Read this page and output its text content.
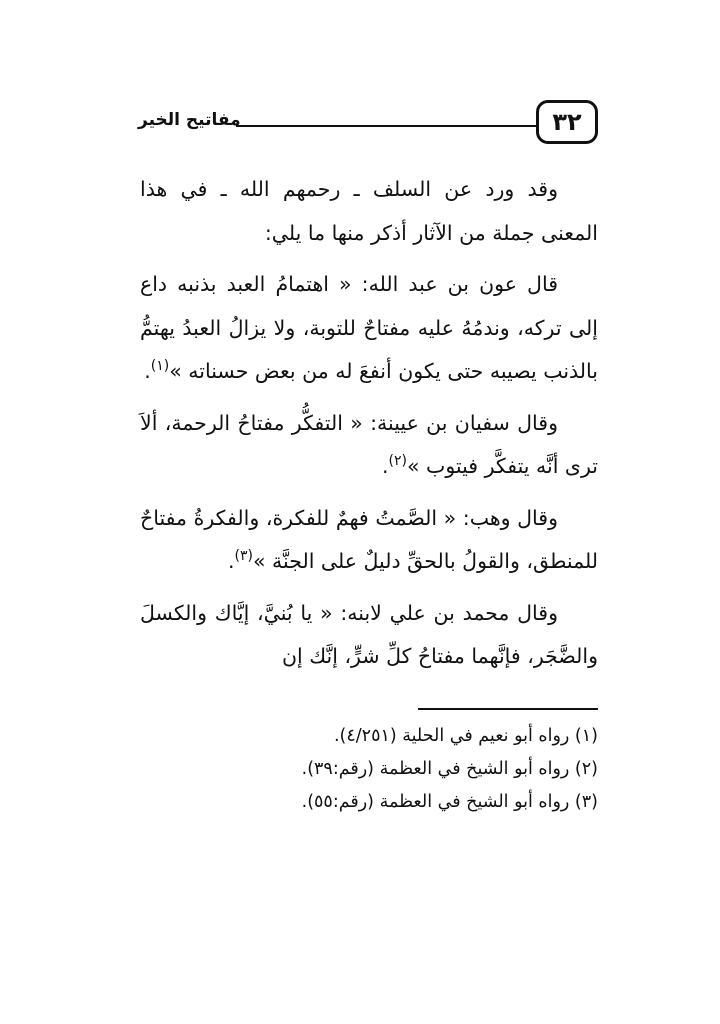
٣٢
مفاتيح الخير

وقد ورد عن السلف ـ رحمهم الله ـ في هذا المعنى جملة من الآثار أذكر منها ما يلي:

قال عون بن عبد الله: « اهتمامُ العبد بذنبه داع إلى تركه، وندمُهُ عليه مفتاحٌ للتوبة، ولا يزالُ العبدُ يهتمُّ بالذنب يصيبه حتى يكون أنفعَ له من بعض حسناته »$^{(١)}$.

وقال سفيان بن عيينة: « التفكُّر مفتاحُ الرحمة، ألاَ ترى أنَّه يتفكَّر فيتوب »$^{(٢)}$.

وقال وهب: « الصَّمتُ فهمٌ للفكرة، والفكرةُ مفتاحٌ للمنطق، والقولُ بالحقِّ دليلٌ على الجنَّة »$^{(٣)}$.

وقال محمد بن علي لابنه: « يا بُنيَّ، إيَّاك والكسلَ والضَّجَر، فإنَّهما مفتاحُ كلِّ شرٍّ، إنَّك إن

(١) رواه أبو نعيم في الحلية (٤/٢٥١).

(٢) رواه أبو الشيخ في العظمة (رقم:٣٩).

(٣) رواه أبو الشيخ في العظمة (رقم:٥٥).
